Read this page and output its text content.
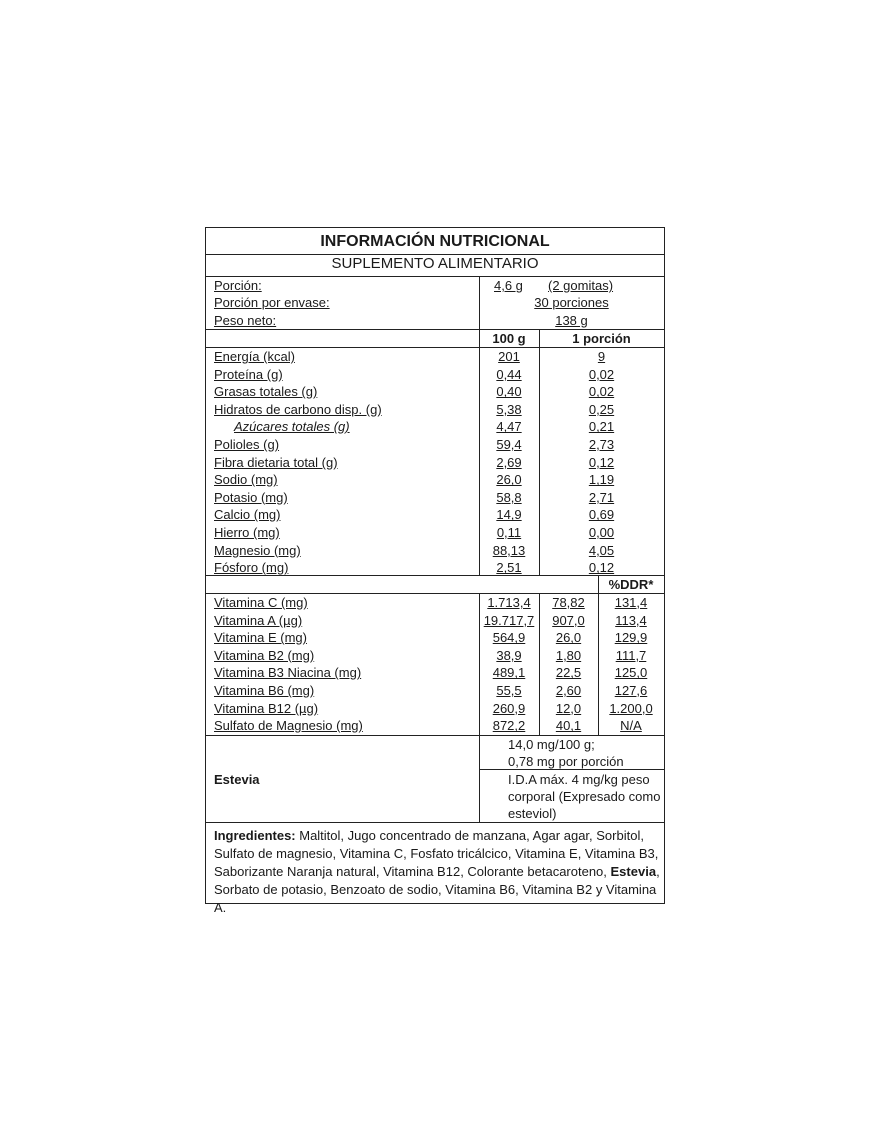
INFORMACIÓN NUTRICIONAL
SUPLEMENTO ALIMENTARIO
Porción:	4,6 g (2 gomitas)
Porción por envase:	30 porciones
Peso neto:	138 g
100 g	1 porción
Energía (kcal)	201	9
Proteína (g)	0,44	0,02
Grasas totales (g)	0,40	0,02
Hidratos de carbono disp. (g)	5,38	0,25
Azúcares totales (g)	4,47	0,21
Polioles (g)	59,4	2,73
Fibra dietaria total (g)	2,69	0,12
Sodio (mg)	26,0	1,19
Potasio (mg)	58,8	2,71
Calcio (mg)	14,9	0,69
Hierro (mg)	0,11	0,00
Magnesio (mg)	88,13	4,05
Fósforo (mg)	2,51	0,12
%DDR*
Vitamina C (mg)	1.713,4	78,82	131,4
Vitamina A (µg)	19.717,7	907,0	113,4
Vitamina E (mg)	564,9	26,0	129,9
Vitamina B2 (mg)	38,9	1,80	111,7
Vitamina B3 Niacina (mg)	489,1	22,5	125,0
Vitamina B6 (mg)	55,5	2,60	127,6
Vitamina B12 (µg)	260,9	12,0	1.200,0
Sulfato de Magnesio (mg)	872,2	40,1	N/A
Estevia
14,0 mg/100 g;
0,78 mg por porción
I.D.A máx. 4 mg/kg peso
corporal (Expresado como
esteviol)
Ingredientes: Maltitol, Jugo concentrado de manzana, Agar agar, Sorbitol, Sulfato de magnesio, Vitamina C, Fosfato tricálcico, Vitamina E, Vitamina B3, Saborizante Naranja natural, Vitamina B12, Colorante betacaroteno, Estevia, Sorbato de potasio, Benzoato de sodio, Vitamina B6, Vitamina B2 y Vitamina A.
